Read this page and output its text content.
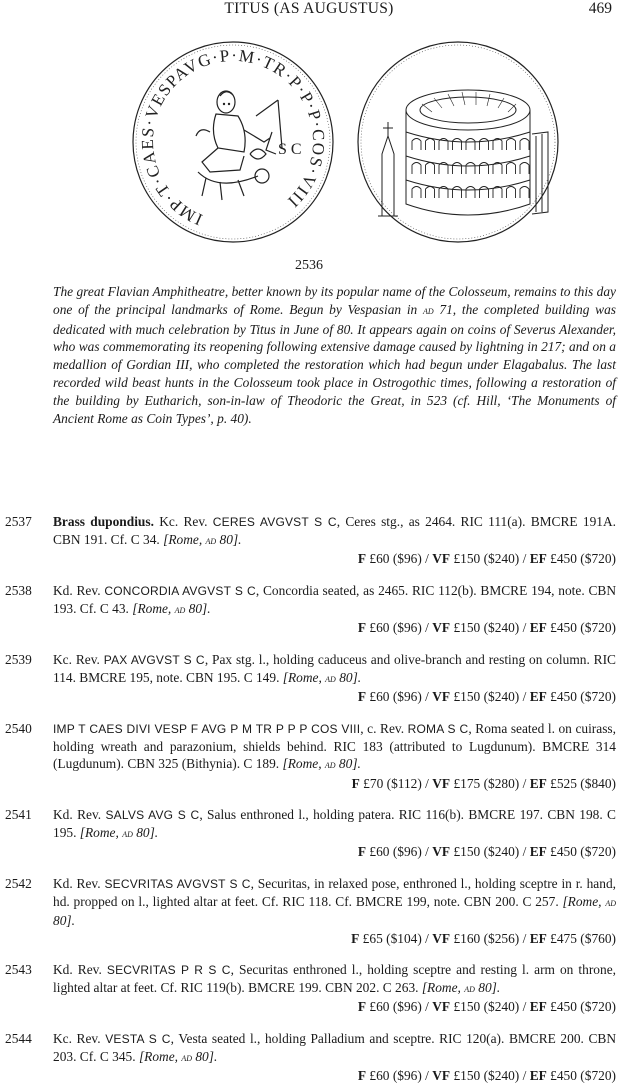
TITUS (AS AUGUSTUS)	469
IMP·T·CAES·VESPAVG·P·M·TR·P·P·P·COS·VIII
S C
2536
The great Flavian Amphitheatre, better known by its popular name of the Colosseum, remains to this day one of the principal landmarks of Rome. Begun by Vespasian in ad 71, the completed building was dedicated with much celebration by Titus in June of 80. It appears again on coins of Severus Alexander, who was commemorating its reopening following extensive damage caused by lightning in 217; and on a medallion of Gordian III, who completed the restoration which had begun under Elagabalus. The last recorded wild beast hunts in the Colosseum took place in Ostrogothic times, following a restoration of the building by Eutharich, son-in-law of Theodoric the Great, in 523 (cf. Hill, ‘The Monuments of Ancient Rome as Coin Types’, p. 40).
2537 Brass dupondius. Kc. Rev. CERES AVGVST S C, Ceres stg., as 2464. RIC 111(a). BMCRE 191A. CBN 191. Cf. C 34. [Rome, ad 80].
F £60 ($96) / VF £150 ($240) / EF £450 ($720)
2538 Kd. Rev. CONCORDIA AVGVST S C, Concordia seated, as 2465. RIC 112(b). BMCRE 194, note. CBN 193. Cf. C 43. [Rome, ad 80].
F £60 ($96) / VF £150 ($240) / EF £450 ($720)
2539 Kc. Rev. PAX AVGVST S C, Pax stg. l., holding caduceus and olive-branch and resting on column. RIC 114. BMCRE 195, note. CBN 195. C 149. [Rome, ad 80].
F £60 ($96) / VF £150 ($240) / EF £450 ($720)
2540 IMP T CAES DIVI VESP F AVG P M TR P P P COS VIII, c. Rev. ROMA S C, Roma seated l. on cuirass, holding wreath and parazonium, shields behind. RIC 183 (attributed to Lugdunum). BMCRE 314 (Lugdunum). CBN 325 (Bithynia). C 189. [Rome, ad 80].
F £70 ($112) / VF £175 ($280) / EF £525 ($840)
2541 Kd. Rev. SALVS AVG S C, Salus enthroned l., holding patera. RIC 116(b). BMCRE 197. CBN 198. C 195. [Rome, ad 80].
F £60 ($96) / VF £150 ($240) / EF £450 ($720)
2542 Kd. Rev. SECVRITAS AVGVST S C, Securitas, in relaxed pose, enthroned l., holding sceptre in r. hand, hd. propped on l., lighted altar at feet. Cf. RIC 118. Cf. BMCRE 199, note. CBN 200. C 257. [Rome, ad 80].
F £65 ($104) / VF £160 ($256) / EF £475 ($760)
2543 Kd. Rev. SECVRITAS P R S C, Securitas enthroned l., holding sceptre and resting l. arm on throne, lighted altar at feet. Cf. RIC 119(b). BMCRE 199. CBN 202. C 263. [Rome, ad 80].
F £60 ($96) / VF £150 ($240) / EF £450 ($720)
2544 Kc. Rev. VESTA S C, Vesta seated l., holding Palladium and sceptre. RIC 120(a). BMCRE 200. CBN 203. Cf. C 345. [Rome, ad 80].
F £60 ($96) / VF £150 ($240) / EF £450 ($720)
